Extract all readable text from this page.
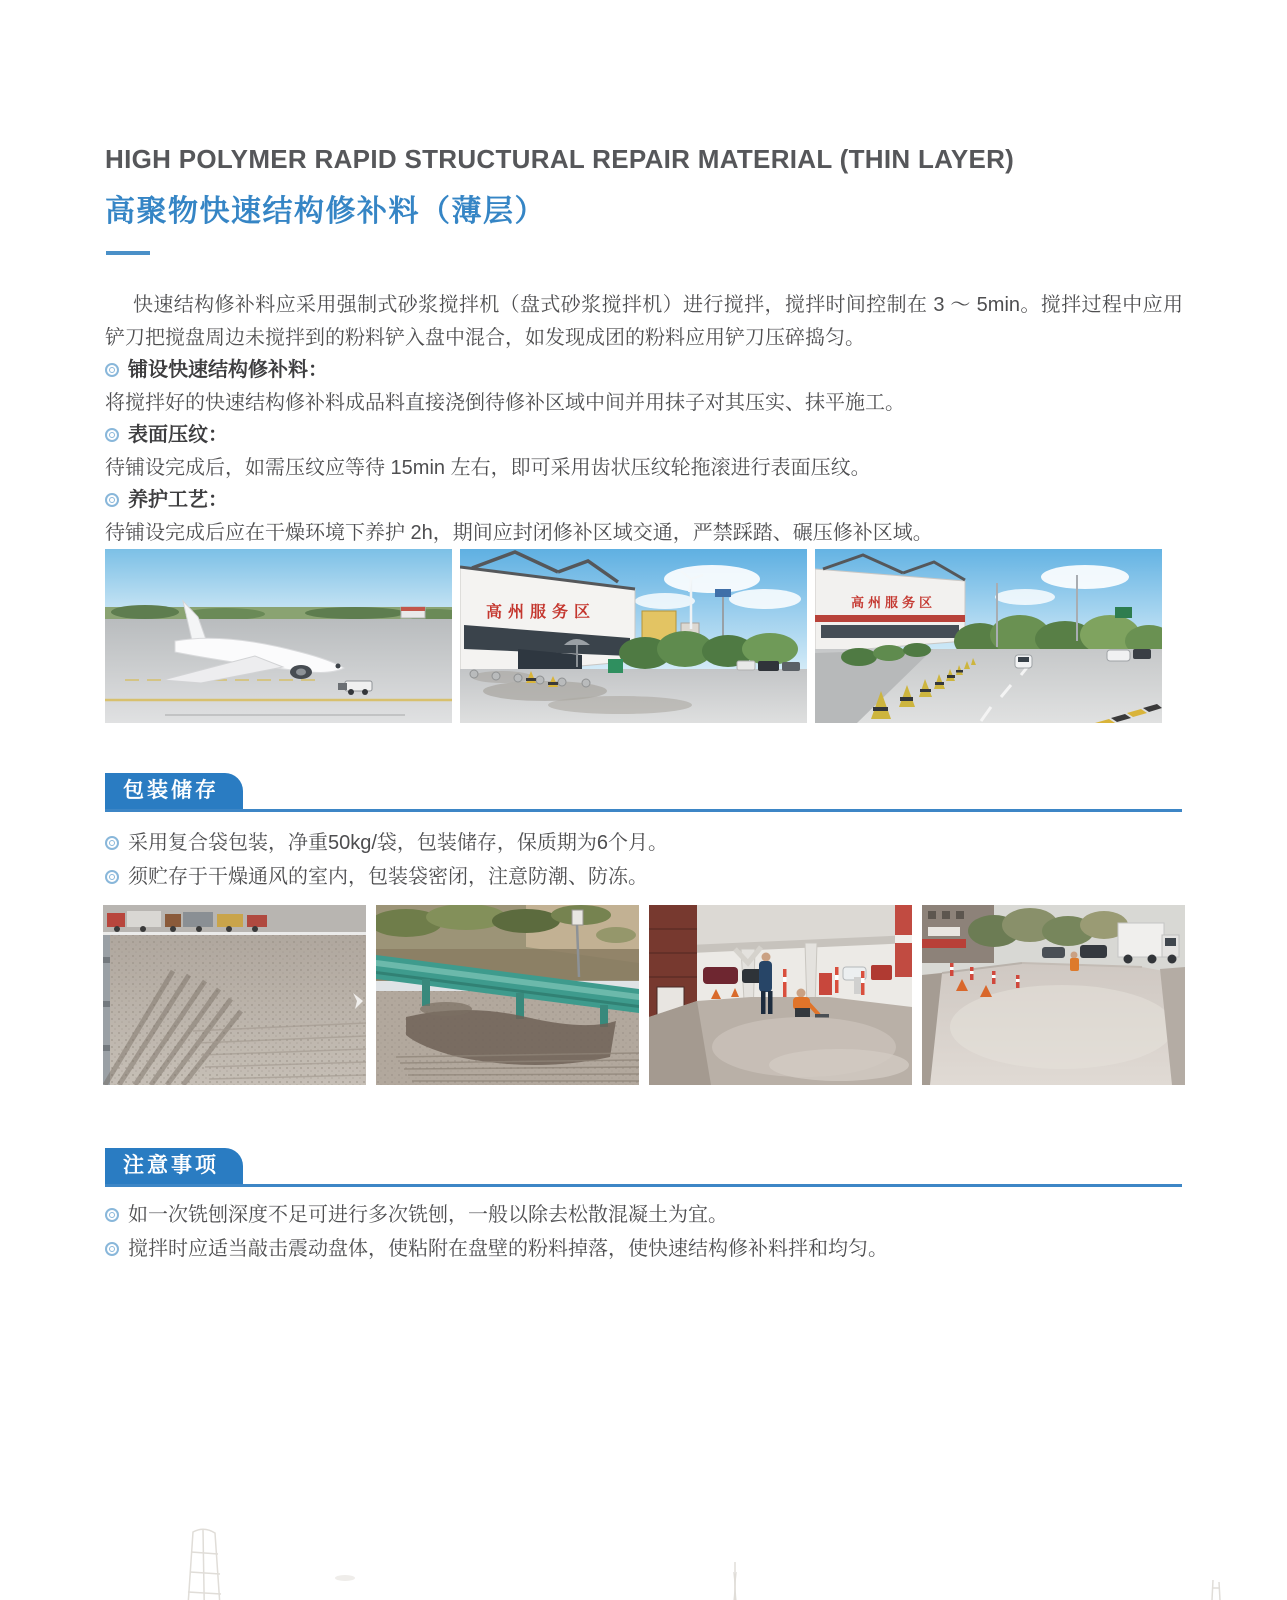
HIGH POLYMER RAPID STRUCTURAL REPAIR MATERIAL (THIN LAYER)
高聚物快速结构修补料（薄层）

快速结构修补料应采用强制式砂浆搅拌机（盘式砂浆搅拌机）进行搅拌，搅拌时间控制在 3 ～ 5min。搅拌过程中应用铲刀把搅盘周边未搅拌到的粉料铲入盘中混合，如发现成团的粉料应用铲刀压碎捣匀。

铺设快速结构修补料：

将搅拌好的快速结构修补料成品料直接浇倒待修补区域中间并用抹子对其压实、抹平施工。

表面压纹：

待铺设完成后，如需压纹应等待 15min 左右，即可采用齿状压纹轮拖滚进行表面压纹。

养护工艺：

待铺设完成后应在干燥环境下养护 2h，期间应封闭修补区域交通，严禁踩踏、碾压修补区域。

高州服务区
高州服务区
包装储存
采用复合袋包装，净重50kg/袋，包装储存，保质期为6个月。
须贮存于干燥通风的室内，包装袋密闭，注意防潮、防冻。
注意事项
如一次铣刨深度不足可进行多次铣刨，一般以除去松散混凝土为宜。
搅拌时应适当敲击震动盘体，使粘附在盘壁的粉料掉落，使快速结构修补料拌和均匀。
